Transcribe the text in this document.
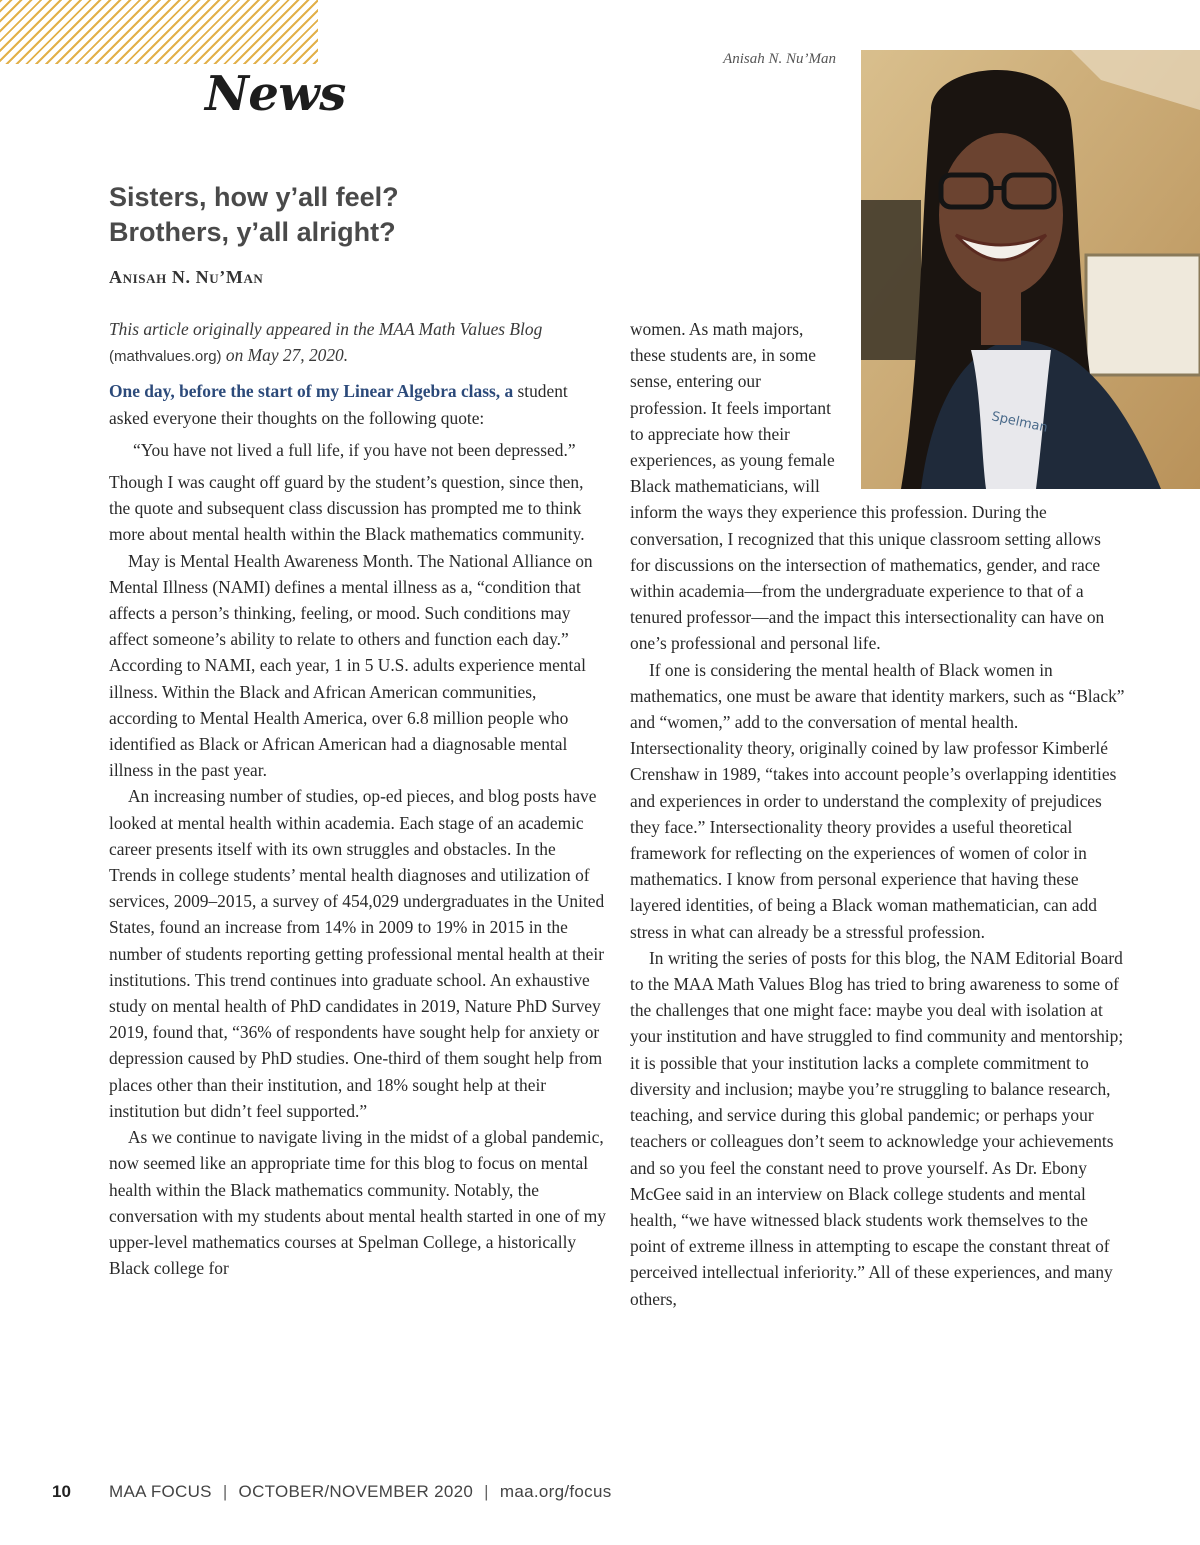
News
Anisah N. Nu’Man
Spelman
Sisters, how y’all feel?
Brothers, y’all alright?
Anisah N. Nu’Man

This article originally appeared in the MAA Math Values Blog
(mathvalues.org) on May 27, 2020.

One day, before the start of my Linear Algebra class, a student asked everyone their thoughts on the following quote:

“You have not lived a full life, if you have not been depressed.”

Though I was caught off guard by the student’s question, since then, the quote and subsequent class discussion has prompted me to think more about mental health within the Black mathematics community.

May is Mental Health Awareness Month. The National Alliance on Mental Illness (NAMI) defines a mental illness as a, “condition that affects a person’s thinking, feeling, or mood. Such conditions may affect someone’s ability to relate to others and function each day.” According to NAMI, each year, 1 in 5 U.S. adults experience mental illness. Within the Black and African American communities, according to Mental Health America, over 6.8 million people who identified as Black or African American had a diagnosable mental illness in the past year.

An increasing number of studies, op-ed pieces, and blog posts have looked at mental health within academia. Each stage of an academic career presents itself with its own struggles and obstacles. In the Trends in college students’ mental health diagnoses and utilization of services, 2009–2015, a survey of 454,029 undergraduates in the United States, found an increase from 14% in 2009 to 19% in 2015 in the number of students reporting getting professional mental health at their institutions. This trend continues into graduate school. An exhaustive study on mental health of PhD candidates in 2019, Nature PhD Survey 2019, found that, “36% of respondents have sought help for anxiety or depression caused by PhD studies. One-third of them sought help from places other than their institution, and 18% sought help at their institution but didn’t feel supported.”

As we continue to navigate living in the midst of a global pandemic, now seemed like an appropriate time for this blog to focus on mental health within the Black mathematics community. Notably, the conversation with my students about mental health started in one of my upper-level mathematics courses at Spelman College, a historically Black college for

women. As math majors, these students are, in some sense, entering our profession. It feels important to appreciate how their experiences, as young female Black mathematicians, will

inform the ways they experience this profession. During the conversation, I recognized that this unique classroom setting allows for discussions on the intersection of mathematics, gender, and race within academia—from the undergraduate experience to that of a tenured professor—and the impact this intersectionality can have on one’s professional and personal life.

If one is considering the mental health of Black women in mathematics, one must be aware that identity markers, such as “Black” and “women,” add to the conversation of mental health. Intersectionality theory, originally coined by law professor Kimberlé Crenshaw in 1989, “takes into account people’s overlapping identities and experiences in order to understand the complexity of prejudices they face.” Intersectionality theory provides a useful theoretical framework for reflecting on the experiences of women of color in mathematics. I know from personal experience that having these layered identities, of being a Black woman mathematician, can add stress in what can already be a stressful profession.

In writing the series of posts for this blog, the NAM Editorial Board to the MAA Math Values Blog has tried to bring awareness to some of the challenges that one might face: maybe you deal with isolation at your institution and have struggled to find community and mentorship; it is possible that your institution lacks a complete commitment to diversity and inclusion; maybe you’re struggling to balance research, teaching, and service during this global pandemic; or perhaps your teachers or colleagues don’t seem to acknowledge your achievements and so you feel the constant need to prove yourself. As Dr. Ebony McGee said in an interview on Black college students and mental health, “we have witnessed black students work themselves to the point of extreme illness in attempting to escape the constant threat of perceived intellectual inferiority.” All of these experiences, and many others,

10 MAA FOCUS | OCTOBER/NOVEMBER 2020 | maa.org/focus
